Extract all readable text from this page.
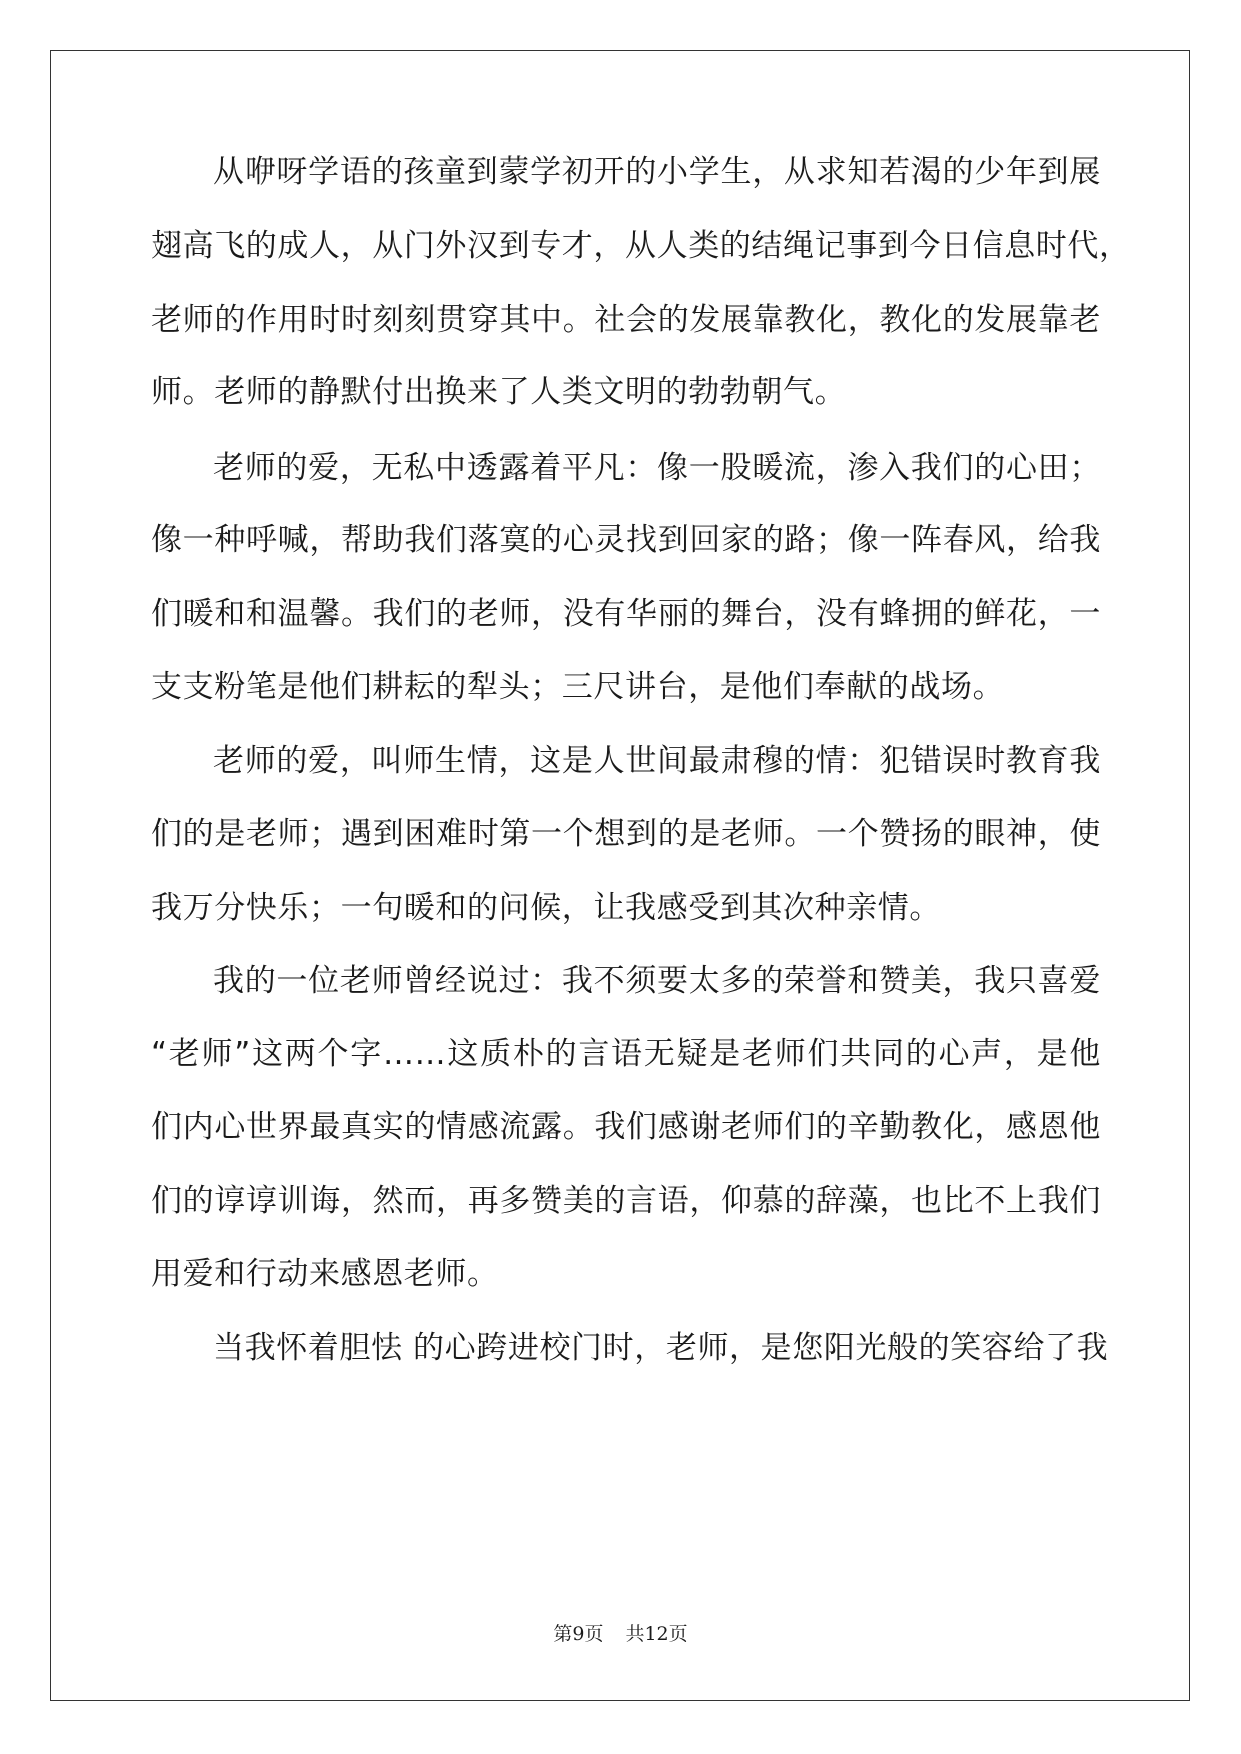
从咿呀学语的孩童到蒙学初开的小学生，从求知若渴的少年到展

翅高飞的成人，从门外汉到专才，从人类的结绳记事到今日信息时代，

老师的作用时时刻刻贯穿其中。社会的发展靠教化，教化的发展靠老

师。老师的静默付出换来了人类文明的勃勃朝气。

老师的爱，无私中透露着平凡：像一股暖流，渗入我们的心田；

像一种呼喊，帮助我们落寞的心灵找到回家的路；像一阵春风，给我

们暖和和温馨。我们的老师，没有华丽的舞台，没有蜂拥的鲜花，一

支支粉笔是他们耕耘的犁头；三尺讲台，是他们奉献的战场。

老师的爱，叫师生情，这是人世间最肃穆的情：犯错误时教育我

们的是老师；遇到困难时第一个想到的是老师。一个赞扬的眼神，使

我万分快乐；一句暖和的问候，让我感受到其次种亲情。

我的一位老师曾经说过：我不须要太多的荣誉和赞美，我只喜爱

“老师”这两个字……这质朴的言语无疑是老师们共同的心声，是他

们内心世界最真实的情感流露。我们感谢老师们的辛勤教化，感恩他

们的谆谆训诲，然而，再多赞美的言语，仰慕的辞藻，也比不上我们

用爱和行动来感恩老师。

当我怀着胆怯 的心跨进校门时，老师，是您阳光般的笑容给了我

第9页 共12页
